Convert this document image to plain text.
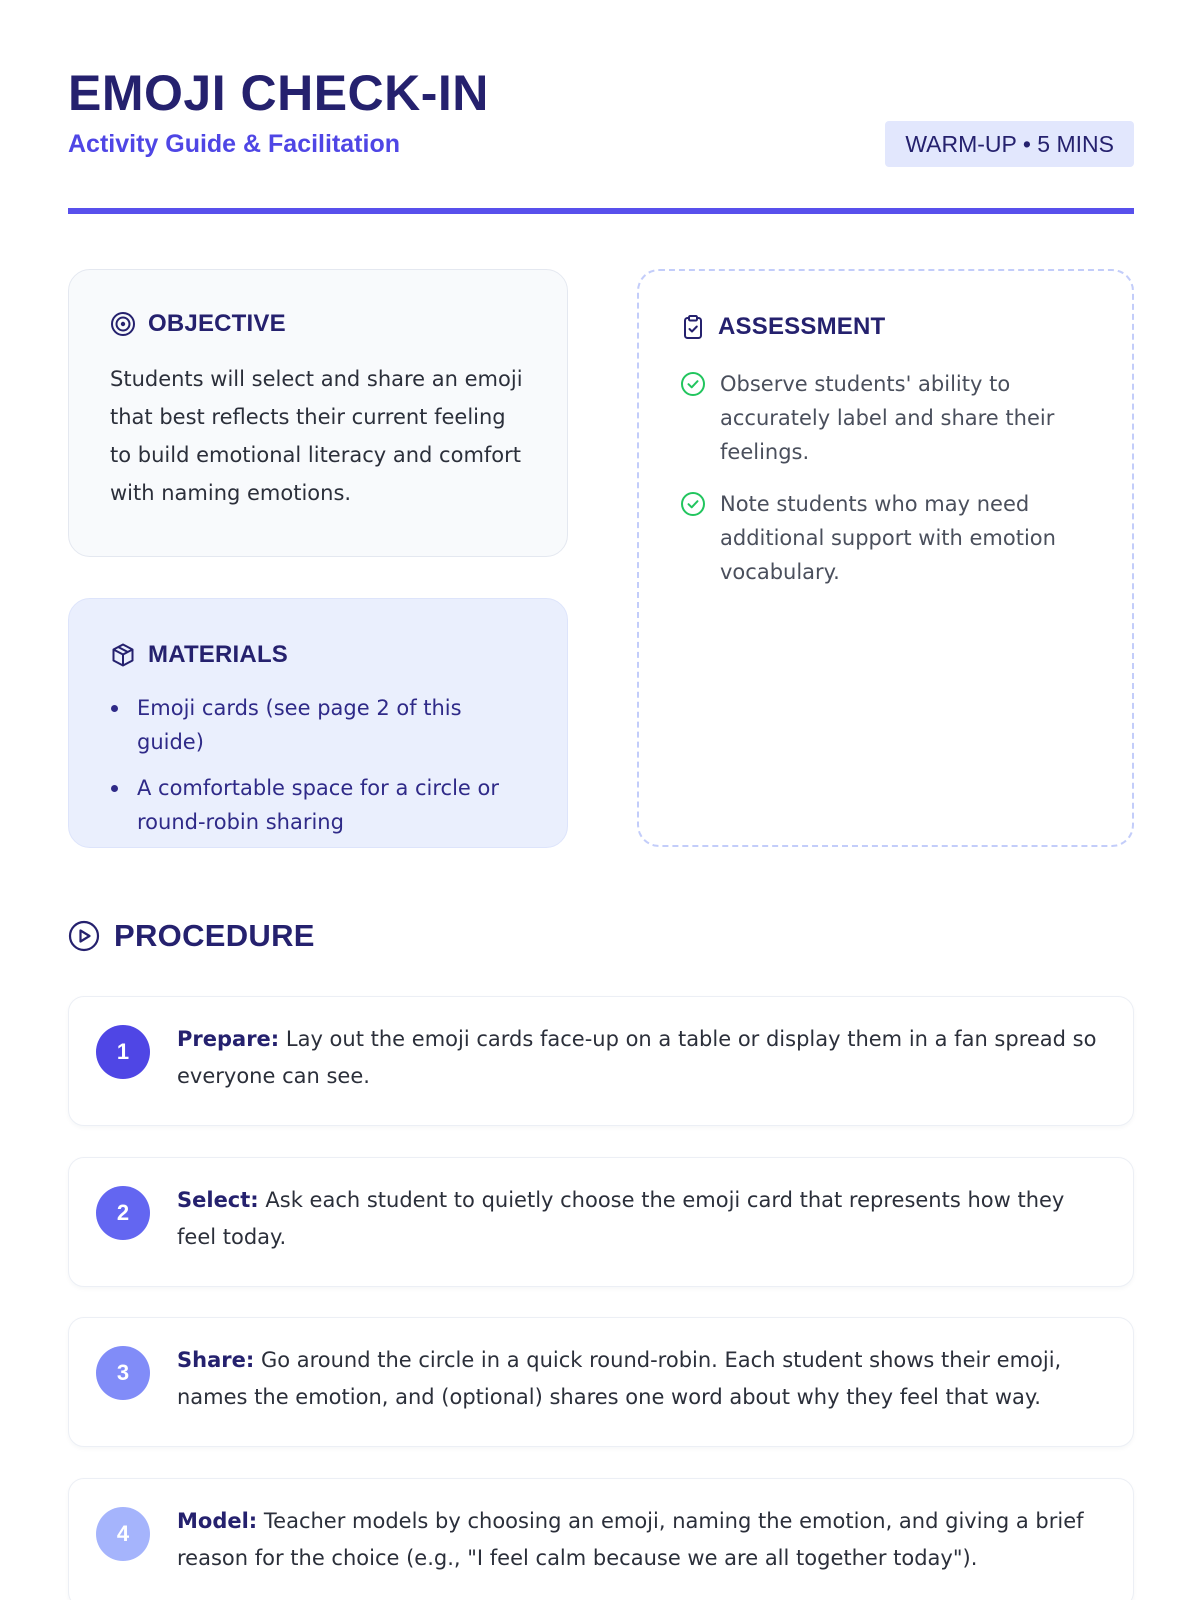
EMOJI CHECK-IN
Activity Guide & Facilitation	WARM-UP • 5 MINS
OBJECTIVE

Students will select and share an emoji that best reflects their current feeling to build emotional literacy and comfort with naming emotions.

MATERIALS
Emoji cards (see page 2 of this guide)
A comfortable space for a circle or round-robin sharing
ASSESSMENT
Observe students' ability to accurately label and share their feelings.
Note students who may need additional support with emotion vocabulary.
PROCEDURE
1	Prepare: Lay out the emoji cards face-up on a table or display them in a fan spread so everyone can see.

2	Select: Ask each student to quietly choose the emoji card that represents how they feel today.

3	Share: Go around the circle in a quick round-robin. Each student shows their emoji, names the emotion, and (optional) shares one word about why they feel that way.

4	Model: Teacher models by choosing an emoji, naming the emotion, and giving a brief reason for the choice (e.g., "I feel calm because we are all together today").
